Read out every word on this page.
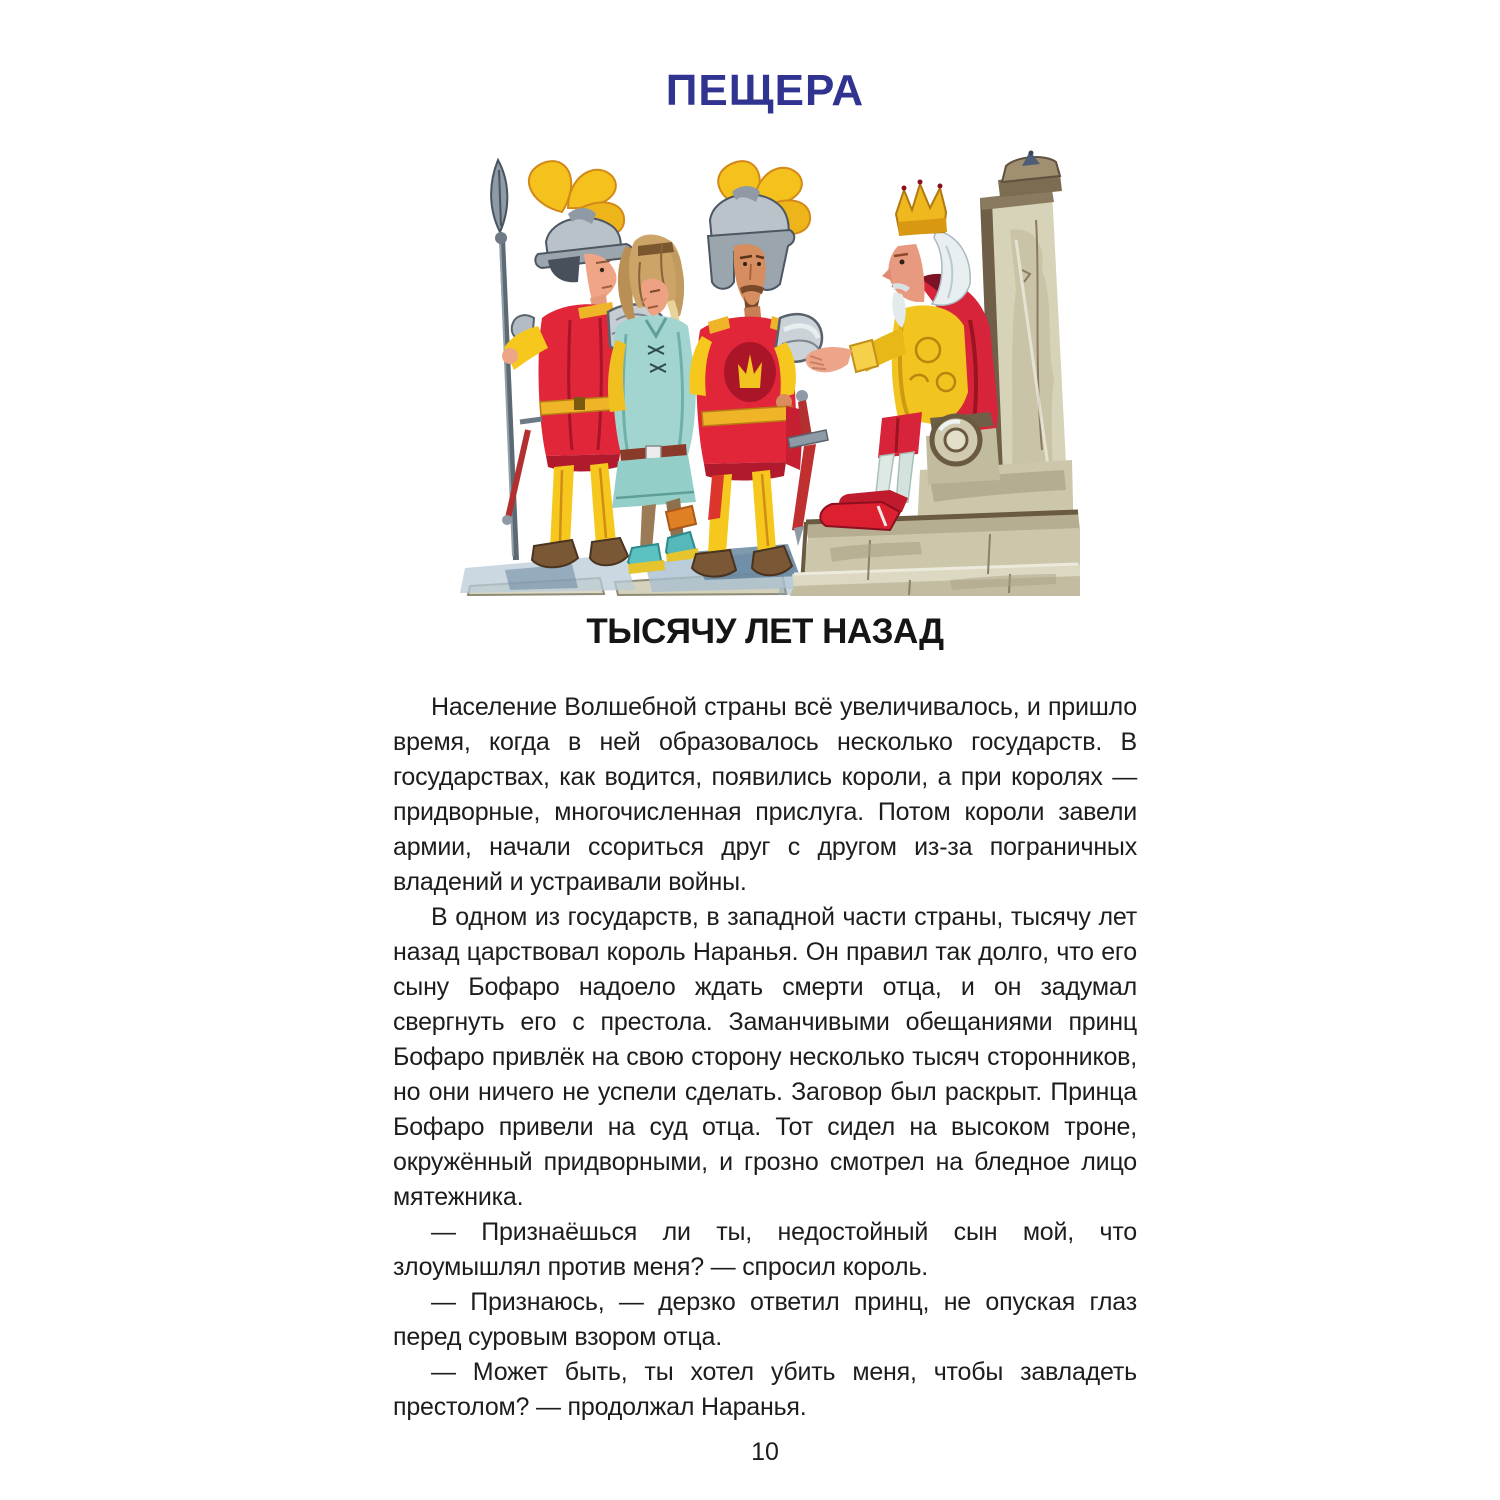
ПЕЩЕРА
ТЫСЯЧУ ЛЕТ НАЗАД

Население Волшебной страны всё увеличивалось, и пришло время, когда в ней образовалось несколько государств. В государствах, как водится, появились короли, а при королях — придворные, многочисленная прислуга. Потом короли завели армии, начали ссориться друг с другом из-за пограничных владений и устраивали войны.

В одном из государств, в западной части страны, тысячу лет назад царствовал король Наранья. Он правил так долго, что его сыну Бофаро надоело ждать смерти отца, и он задумал свергнуть его с престола. Заманчивыми обещаниями принц Бофаро привлёк на свою сторону несколько тысяч сторонников, но они ничего не успели сделать. Заговор был раскрыт. Принца Бофаро привели на суд отца. Тот сидел на высоком троне, окружённый придворными, и грозно смотрел на бледное лицо мятежника.

— Признаёшься ли ты, недостойный сын мой, что злоумышлял против меня? — спросил король.

— Признаюсь, — дерзко ответил принц, не опуская глаз перед суровым взором отца.

— Может быть, ты хотел убить меня, чтобы завладеть престолом? — продолжал Наранья.

10
